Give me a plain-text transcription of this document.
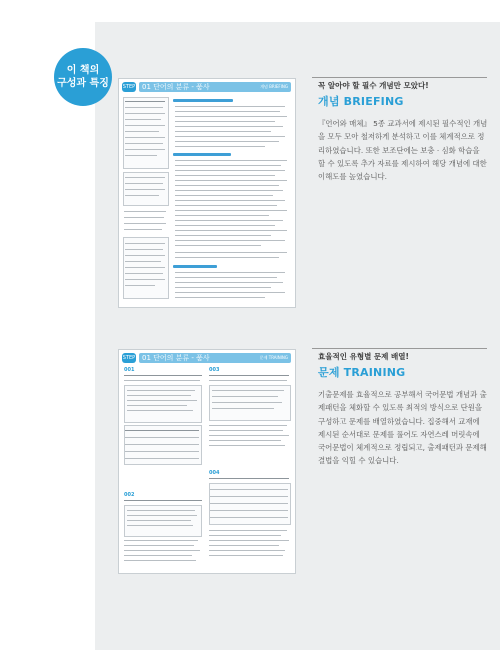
이 책의
구성과 특징	STEP 01 단어의 분류 - 품사	개념 BRIEFING
STEP 01 단어의 분류 - 품사	문제 TRAINING
001
002
003
004

꼭 알아야 할 필수 개념만 모았다!

개념 BRIEFING

『언어와 매체』 5종 교과서에 제시된 필수적인 개념을 모두 모아 철저하게 분석하고 이를 체계적으로 정리하였습니다. 또한 보조단에는 보충 · 심화 학습을 할 수 있도록 추가 자료를 제시하여 해당 개념에 대한 이해도를 높였습니다.

효율적인 유형별 문제 배열!

문제 TRAINING

기출문제를 효율적으로 공부해서 국어문법 개념과 출제패턴을 체화할 수 있도록 최적의 방식으로 단원을 구성하고 문제를 배열하였습니다. 집중해서 교재에 제시된 순서대로 문제를 풀어도 자연스레 머릿속에 국어문법이 체계적으로 정립되고, 출제패턴과 문제해결법을 익힐 수 있습니다.
